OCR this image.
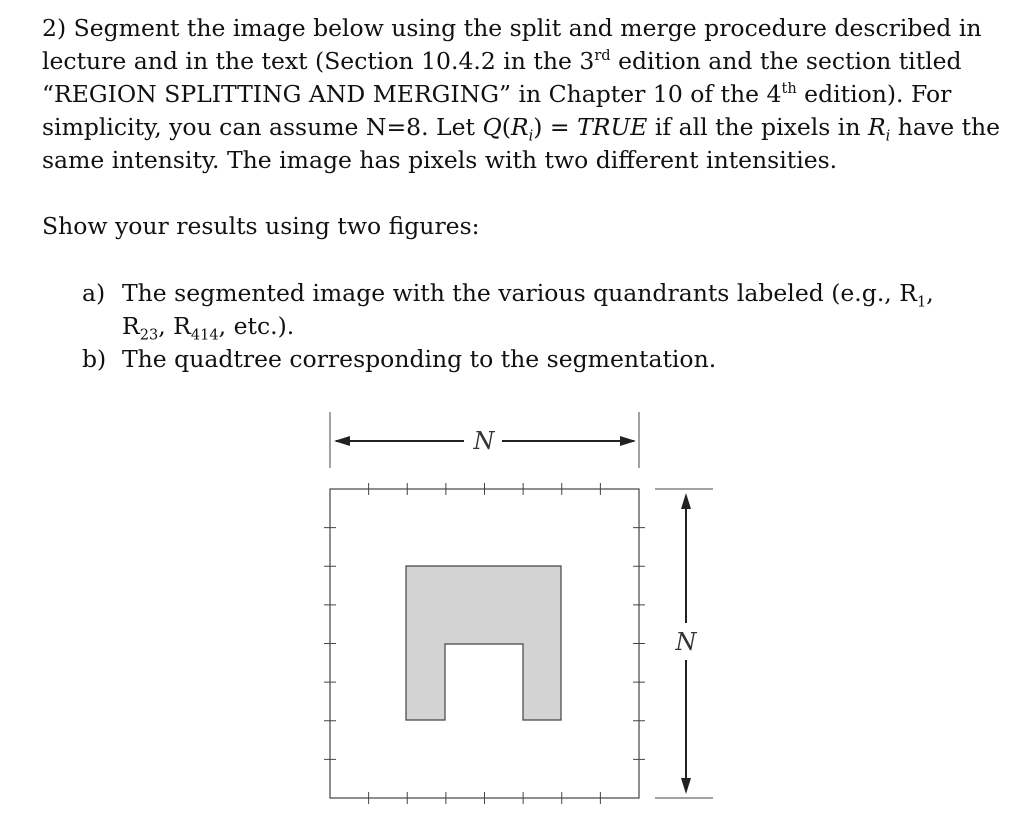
2) Segment the image below using the split and merge procedure described in lecture and in the text (Section 10.4.2 in the 3rd edition and the section titled “REGION SPLITTING AND MERGING” in Chapter 10 of the 4th edition). For simplicity, you can assume N=8. Let $Q(R_i)$ = TRUE if all the pixels in $R_i$ have the same intensity. The image has pixels with two different intensities.

Show your results using two figures:

a) The segmented image with the various quandrants labeled (e.g., $R_1$, $R_{23}$, $R_{414}$, etc.).
b) The quadtree corresponding to the segmentation.
N
N
